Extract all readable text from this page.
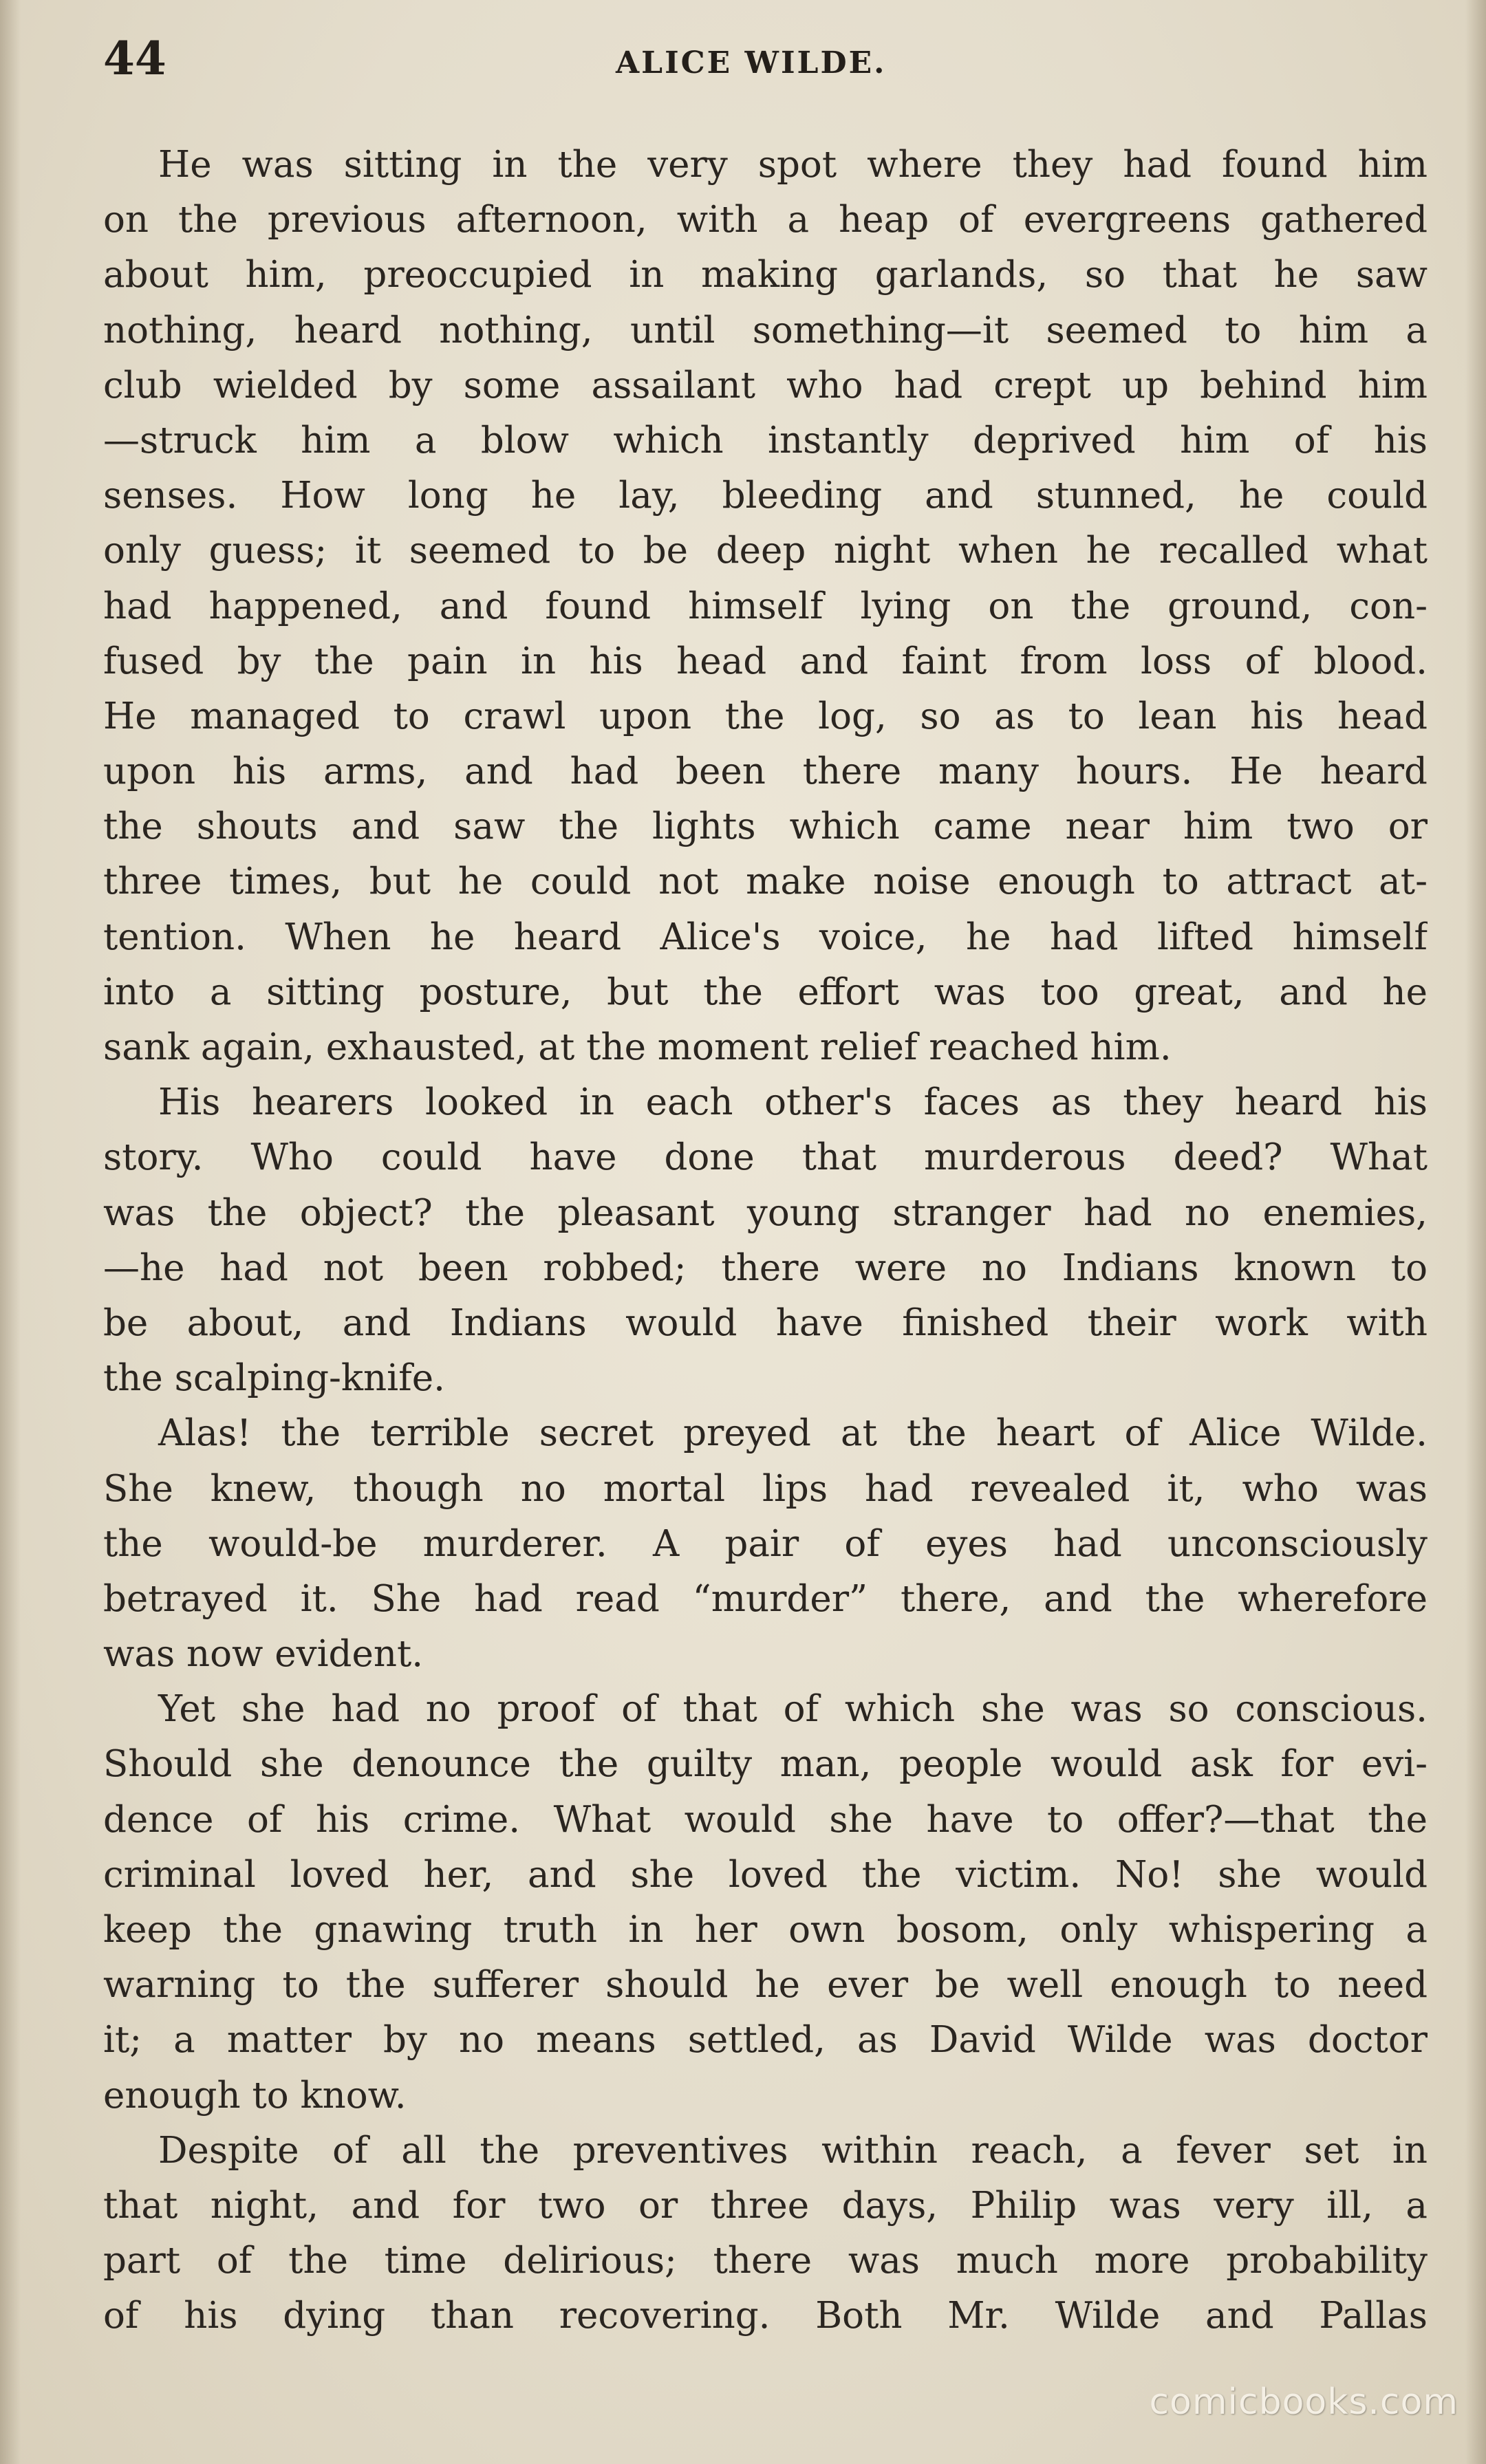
44	ALICE WILDE.
He was sitting in the very spot where they had found him
on the previous afternoon, with a heap of evergreens gathered
about him, preoccupied in making garlands, so that he saw
nothing, heard nothing, until something—it seemed to him a
club wielded by some assailant who had crept up behind him
—struck him a blow which instantly deprived him of his
senses. How long he lay, bleeding and stunned, he could
only guess; it seemed to be deep night when he recalled what
had happened, and found himself lying on the ground, con-
fused by the pain in his head and faint from loss of blood.
He managed to crawl upon the log, so as to lean his head
upon his arms, and had been there many hours. He heard
the shouts and saw the lights which came near him two or
three times, but he could not make noise enough to attract at-
tention. When he heard Alice's voice, he had lifted himself
into a sitting posture, but the effort was too great, and he
sank again, exhausted, at the moment relief reached him.
His hearers looked in each other's faces as they heard his
story. Who could have done that murderous deed? What
was the object? the pleasant young stranger had no enemies,
—he had not been robbed; there were no Indians known to
be about, and Indians would have finished their work with
the scalping-knife.
Alas! the terrible secret preyed at the heart of Alice Wilde.
She knew, though no mortal lips had revealed it, who was
the would-be murderer. A pair of eyes had unconsciously
betrayed it. She had read “murder” there, and the wherefore
was now evident.
Yet she had no proof of that of which she was so conscious.
Should she denounce the guilty man, people would ask for evi-
dence of his crime. What would she have to offer?—that the
criminal loved her, and she loved the victim. No! she would
keep the gnawing truth in her own bosom, only whispering a
warning to the sufferer should he ever be well enough to need
it; a matter by no means settled, as David Wilde was doctor
enough to know.
Despite of all the preventives within reach, a fever set in
that night, and for two or three days, Philip was very ill, a
part of the time delirious; there was much more probability
of his dying than recovering. Both Mr. Wilde and Pallas
comicbooks.com
